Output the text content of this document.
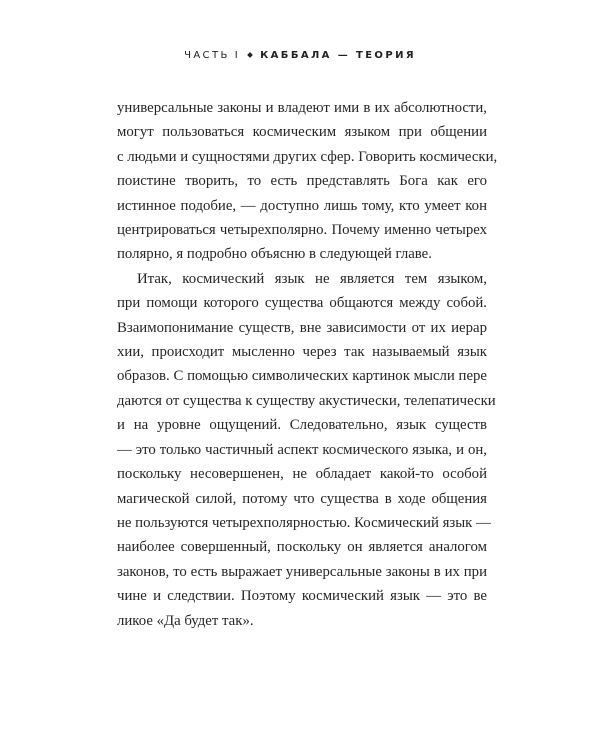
ЧАСТЬ I КАББАЛА — ТЕОРИЯ
универсальные законы и владеют ими в их абсолютности,
могут пользоваться космическим языком при общении
с людьми и сущностями других сфер. Говорить космически,
поистине творить, то есть представлять Бога как его
истинное подобие, — доступно лишь тому, кто умеет кон
центрироваться четырехполярно. Почему именно четырех
полярно, я подробно объясню в следующей главе.
Итак, космический язык не является тем языком,
при помощи которого существа общаются между собой.
Взаимопонимание существ, вне зависимости от их иерар
хии, происходит мысленно через так называемый язык
образов. С помощью символических картинок мысли пере
даются от существа к существу акустически, телепатически
и на уровне ощущений. Следовательно, язык существ
— это только частичный аспект космического языка, и он,
поскольку несовершенен, не обладает какой-то особой
магической силой, потому что существа в ходе общения
не пользуются четырехполярностью. Космический язык —
наиболее совершенный, поскольку он является аналогом
законов, то есть выражает универсальные законы в их при
чине и следствии. Поэтому космический язык — это ве
ликое «Да будет так».
